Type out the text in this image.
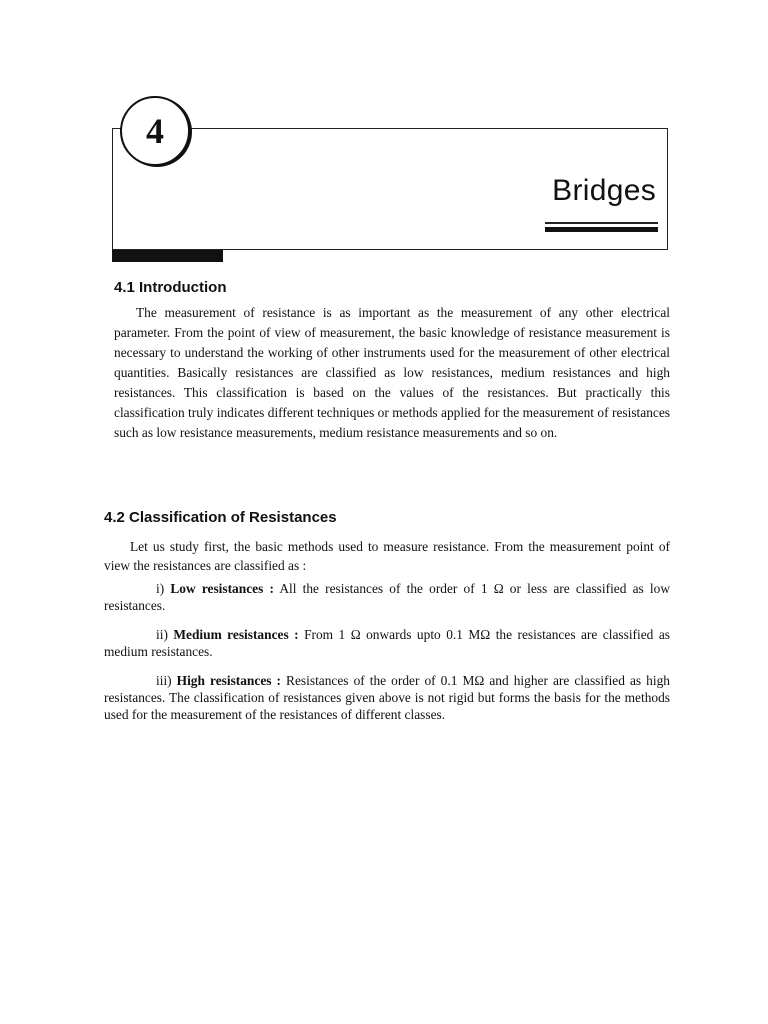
4
Bridges
4.1 Introduction

The measurement of resistance is as important as the measurement of any other electrical parameter. From the point of view of measurement, the basic knowledge of resistance measurement is necessary to understand the working of other instruments used for the measurement of other electrical quantities. Basically resistances are classified as low resistances, medium resistances and high resistances. This classification is based on the values of the resistances. But practically this classification truly indicates different techniques or methods applied for the measurement of resistances such as low resistance measurements, medium resistance measurements and so on.

4.2 Classification of Resistances

Let us study first, the basic methods used to measure resistance. From the measurement point of view the resistances are classified as :

i) Low resistances : All the resistances of the order of 1 Ω or less are classified as low resistances.

ii) Medium resistances : From 1 Ω onwards upto 0.1 MΩ the resistances are classified as medium resistances.

iii) High resistances : Resistances of the order of 0.1 MΩ and higher are classified as high resistances. The classification of resistances given above is not rigid but forms the basis for the methods used for the measurement of the resistances of different classes.
